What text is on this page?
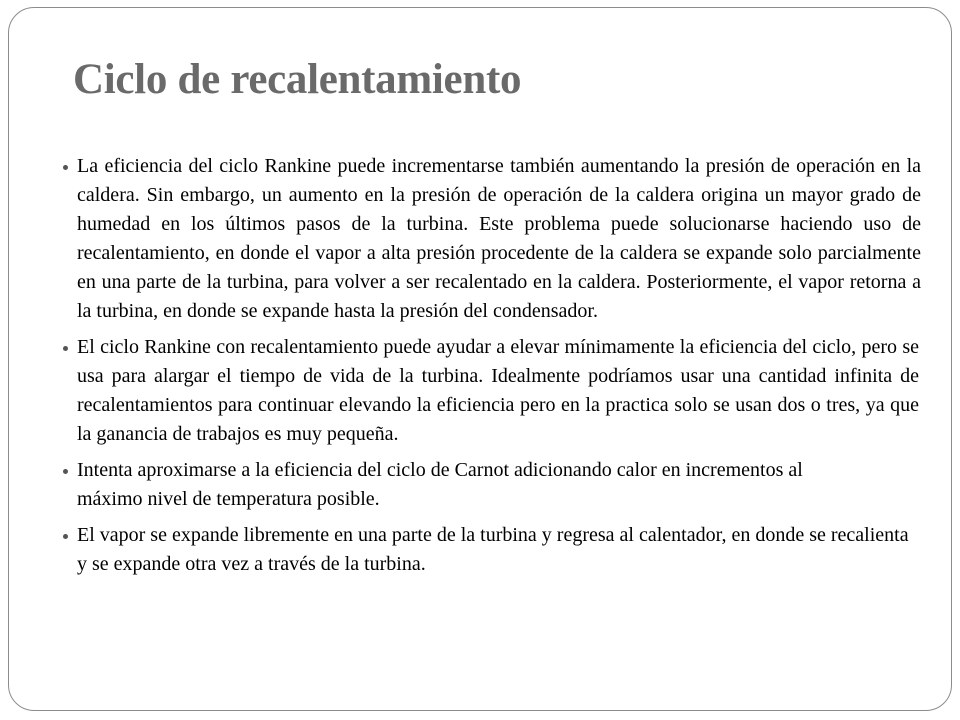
Ciclo de recalentamiento
La eficiencia del ciclo Rankine puede incrementarse también aumentando la presión de operación en la caldera. Sin embargo, un aumento en la presión de operación de la caldera origina un mayor grado de humedad en los últimos pasos de la turbina. Este problema puede solucionarse haciendo uso de recalentamiento, en donde el vapor a alta presión procedente de la caldera se expande solo parcialmente en una parte de la turbina, para volver a ser recalentado en la caldera. Posteriormente, el vapor retorna a la turbina, en donde se expande hasta la presión del condensador.
El ciclo Rankine con recalentamiento puede ayudar a elevar mínimamente la eficiencia del ciclo, pero se usa para alargar el tiempo de vida de la turbina. Idealmente podríamos usar una cantidad infinita de recalentamientos para continuar elevando la eficiencia pero en la practica solo se usan dos o tres, ya que la ganancia de trabajos es muy pequeña.
Intenta aproximarse a la eficiencia del ciclo de Carnot adicionando calor en incrementos al máximo nivel de temperatura posible.
El vapor se expande libremente en una parte de la turbina y regresa al calentador, en donde se recalienta y se expande otra vez a través de la turbina.
